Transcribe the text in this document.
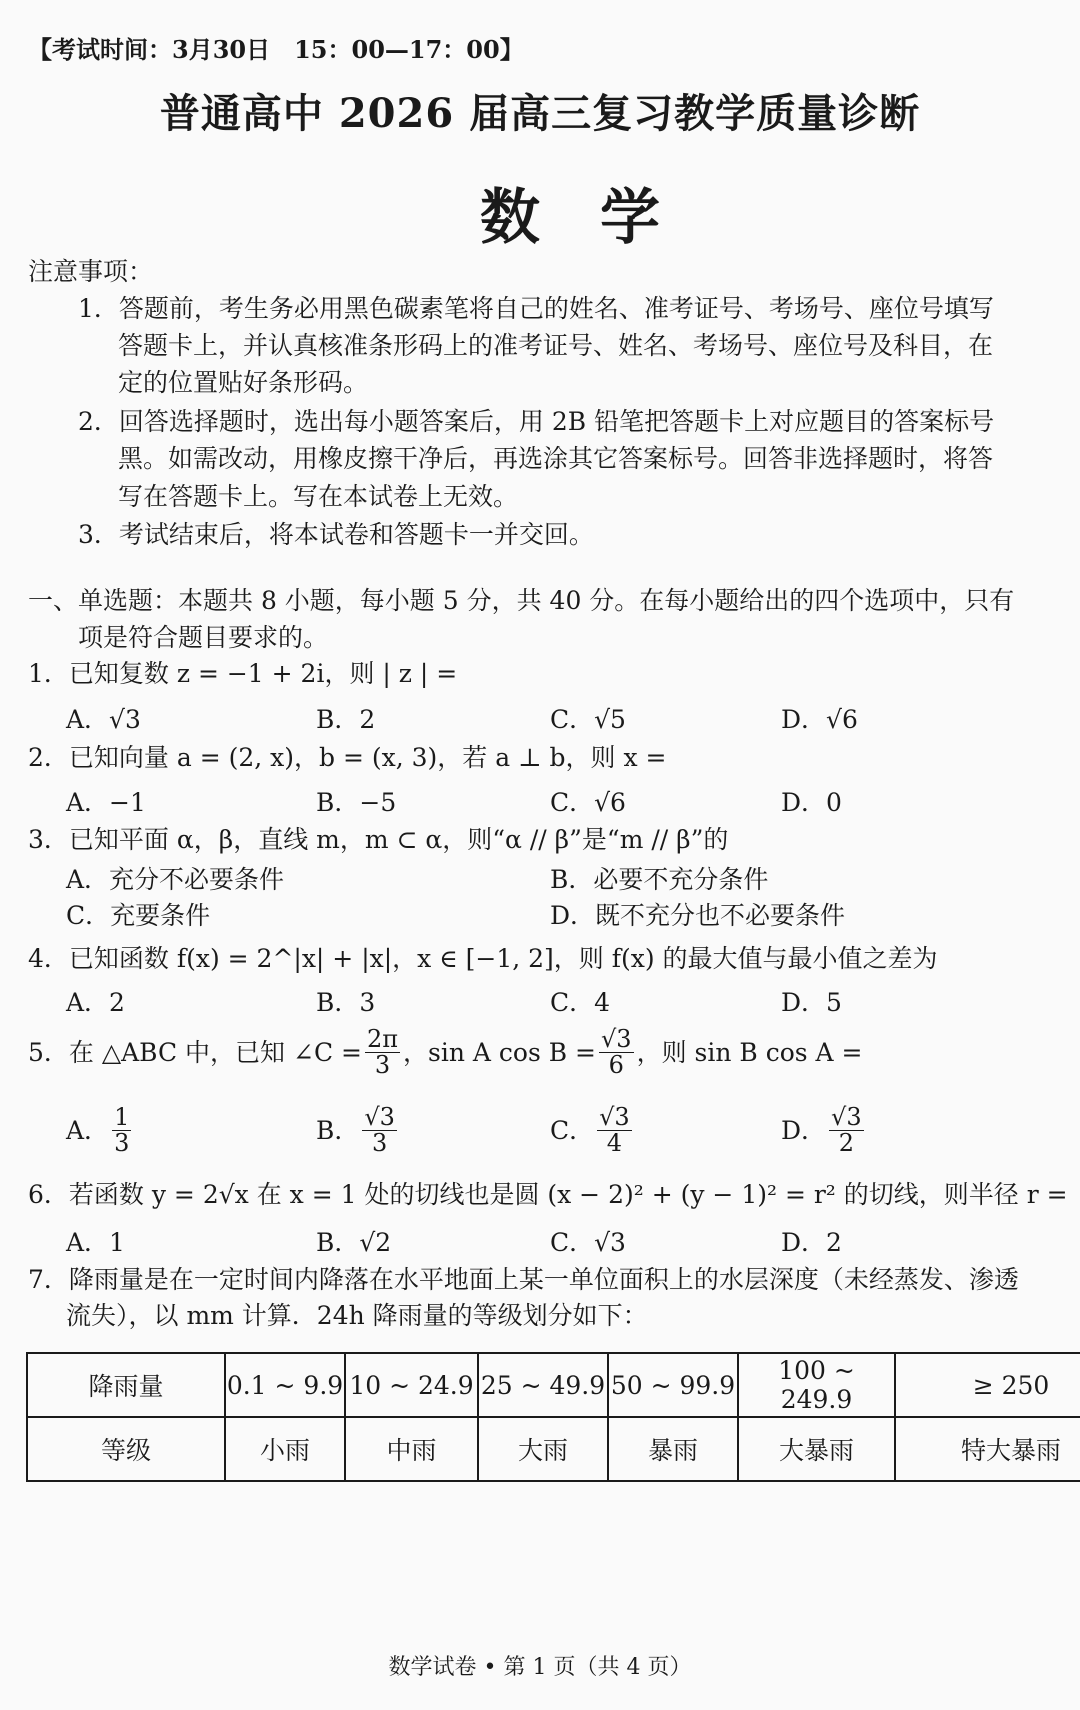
【考试时间：3月30日　15：00—17：00】
普通高中 2026 届高三复习教学质量诊断
数学
注意事项：
1．答题前，考生务必用黑色碳素笔将自己的姓名、准考证号、考场号、座位号填写
答题卡上，并认真核准条形码上的准考证号、姓名、考场号、座位号及科目，在
定的位置贴好条形码。
2．回答选择题时，选出每小题答案后，用 2B 铅笔把答题卡上对应题目的答案标号
黑。如需改动，用橡皮擦干净后，再选涂其它答案标号。回答非选择题时，将答
写在答题卡上。写在本试卷上无效。
3．考试结束后，将本试卷和答题卡一并交回。
一、单选题：本题共 8 小题，每小题 5 分，共 40 分。在每小题给出的四个选项中，只有
项是符合题目要求的。
1．已知复数 z = −1 + 2i，则 | z | =
A．√3	B．2	C．√5	D．√6
2．已知向量 a = (2, x)，b = (x, 3)，若 a ⊥ b，则 x =
A．−1	B．−5	C．√6	D．0
3．已知平面 α，β，直线 m，m ⊂ α，则“α // β”是“m // β”的
A．充分不必要条件	B．必要不充分条件
C．充要条件	D．既不充分也不必要条件
4．已知函数 f(x) = 2^|x| + |x|，x ∈ [−1, 2]，则 f(x) 的最大值与最小值之差为
A．2	B．3	C．4	D．5
5．在 △ABC 中，已知 ∠C = $\frac{2\pi}{3}$ ，sin A $\cos B = \frac{√3}{6}$ ，则 sin B cos A =
A． $\frac{1}{3}$	B． $\frac{√3}{3}$	C． $\frac{√3}{4}$	D． $\frac{√3}{2}$
6．若函数 y = 2√x 在 x = 1 处的切线也是圆 (x − 2)² + (y − 1)² = r² 的切线，则半径 r =
A．1	B．√2	C．√3	D．2
7．降雨量是在一定时间内降落在水平地面上某一单位面积上的水层深度（未经蒸发、渗透
流失），以 mm 计算．24h 降雨量的等级划分如下：
降雨量	0.1 ~ 9.9	10 ~ 24.9	25 ~ 49.9	50 ~ 99.9	100 ~ 249.9	≥ 250
等级	小雨	中雨	大雨	暴雨	大暴雨	特大暴雨
数学试卷 • 第 1 页（共 4 页）
